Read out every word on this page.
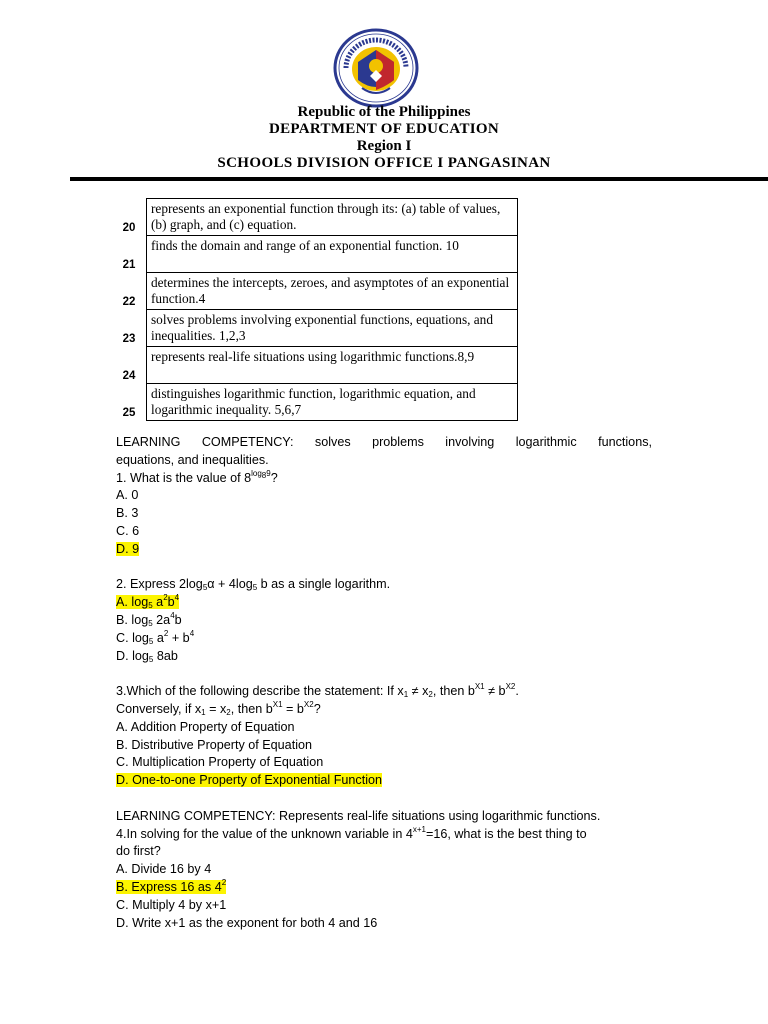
Republic of the Philippines
DEPARTMENT OF EDUCATION
Region I
SCHOOLS DIVISION OFFICE I PANGASINAN
20	represents an exponential function through its: (a) table of values, (b) graph, and (c) equation.
21	finds the domain and range of an exponential function. 10
22	determines the intercepts, zeroes, and asymptotes of an exponential function.4
23	solves problems involving exponential functions, equations, and inequalities. 1,2,3
24	represents real-life situations using logarithmic functions.8,9
25	distinguishes logarithmic function, logarithmic equation, and logarithmic inequality. 5,6,7
LEARNING COMPETENCY: solves problems involving logarithmic functions,
equations, and inequalities.
1. What is the value of $8^{log_89}$?
A. 0
B. 3
C. 6
D. 9
2. Express $2\log_5\alpha + 4\log_5$ b as a single logarithm.
A. $\log_5 a^2b^4$
B. $\log_5 2a^4b$
C. $\log_5 a^2 + b^4$
D. $\log_5 8ab$
3.Which of the following describe the statement: If $x_1 \ne x_2$, then $b^{X1} \ne b^{X2}$.
Conversely, if $x_1 = x_2$, then $b^{X1} = b^{X2}$?
A. Addition Property of Equation
B. Distributive Property of Equation
C. Multiplication Property of Equation
D. One-to-one Property of Exponential Function
LEARNING COMPETENCY: Represents real-life situations using logarithmic functions.
4.In solving for the value of the unknown variable in $4^{x+1}=16$, what is the best thing to
do first?
A. Divide 16 by 4
B. Express 16 as $4^2$
C. Multiply 4 by x+1
D. Write x+1 as the exponent for both 4 and 16
